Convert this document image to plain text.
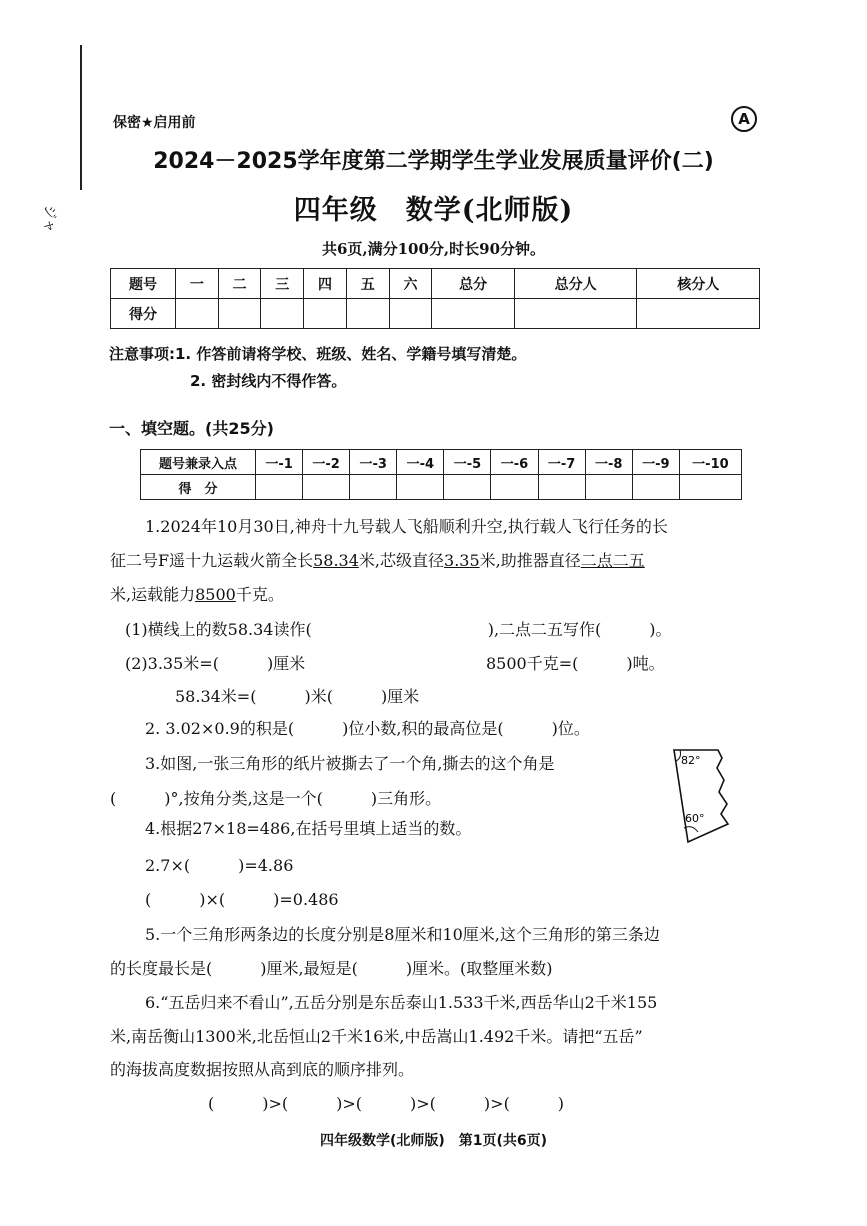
ジャ
保密★启用前	A
2024－2025学年度第二学期学生学业发展质量评价(二)
四年级　数学(北师版)
共6页,满分100分,时长90分钟。
题号	一	二	三	四	五	六	总分	总分人	核分人
得分									
注意事项:1. 作答前请将学校、班级、姓名、学籍号填写清楚。
2. 密封线内不得作答。
一、填空题。(共25分)
题号兼录入点	一-1	一-2	一-3	一-4	一-5	一-6	一-7	一-8	一-9	一-10
得　分										
1.2024年10月30日,神舟十九号载人飞船顺利升空,执行载人飞行任务的长
征二号F遥十九运载火箭全长58.34米,芯级直径3.35米,助推器直径二点二五
米,运载能力8500千克。
(1)横线上的数58.34读作(　　　　　　　　　　　),二点二五写作(　　　)。
(2)3.35米=(　　　)厘米	8500千克=(　　　)吨。
58.34米=(　　　)米(　　　)厘米
2. 3.02×0.9的积是(　　　)位小数,积的最高位是(　　　)位。
3.如图,一张三角形的纸片被撕去了一个角,撕去的这个角是
(　　　)°,按角分类,这是一个(　　　)三角形。
82°
60°
4.根据27×18=486,在括号里填上适当的数。
2.7×(　　　)=4.86
(　　　)×(　　　)=0.486
5.一个三角形两条边的长度分别是8厘米和10厘米,这个三角形的第三条边
的长度最长是(　　　)厘米,最短是(　　　)厘米。(取整厘米数)
6.“五岳归来不看山”,五岳分别是东岳泰山1.533千米,西岳华山2千米155
米,南岳衡山1300米,北岳恒山2千米16米,中岳嵩山1.492千米。请把“五岳”
的海拔高度数据按照从高到底的顺序排列。
(　　　)>(　　　)>(　　　)>(　　　)>(　　　)
四年级数学(北师版)　第1页(共6页)
